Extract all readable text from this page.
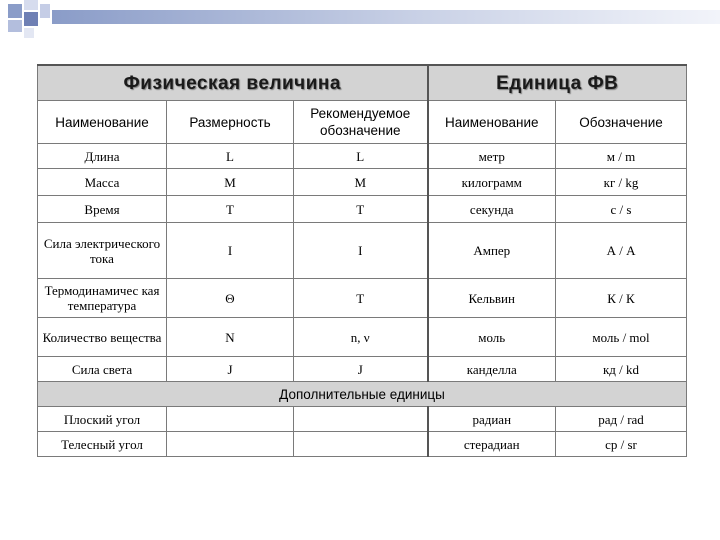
Физическая величина			Единица ФВ	
Наименование	Размерность	Рекомендуемое обозначение	Наименование	Обозначение
Длина	L	L	метр	м / m
Масса	M	M	килограмм	кг / kg
Время	T	T	секунда	с / s
Сила электрического тока	I	I	Ампер	А / А
Термодинамичес кая температура	Θ	T	Кельвин	К / К
Количество вещества	N	n, ν	моль	моль / mol
Сила света	J	J	канделла	кд / kd
Дополнительные единицы				
Плоский угол			радиан	рад / rad
Телесный угол			стерадиан	ср / sr
